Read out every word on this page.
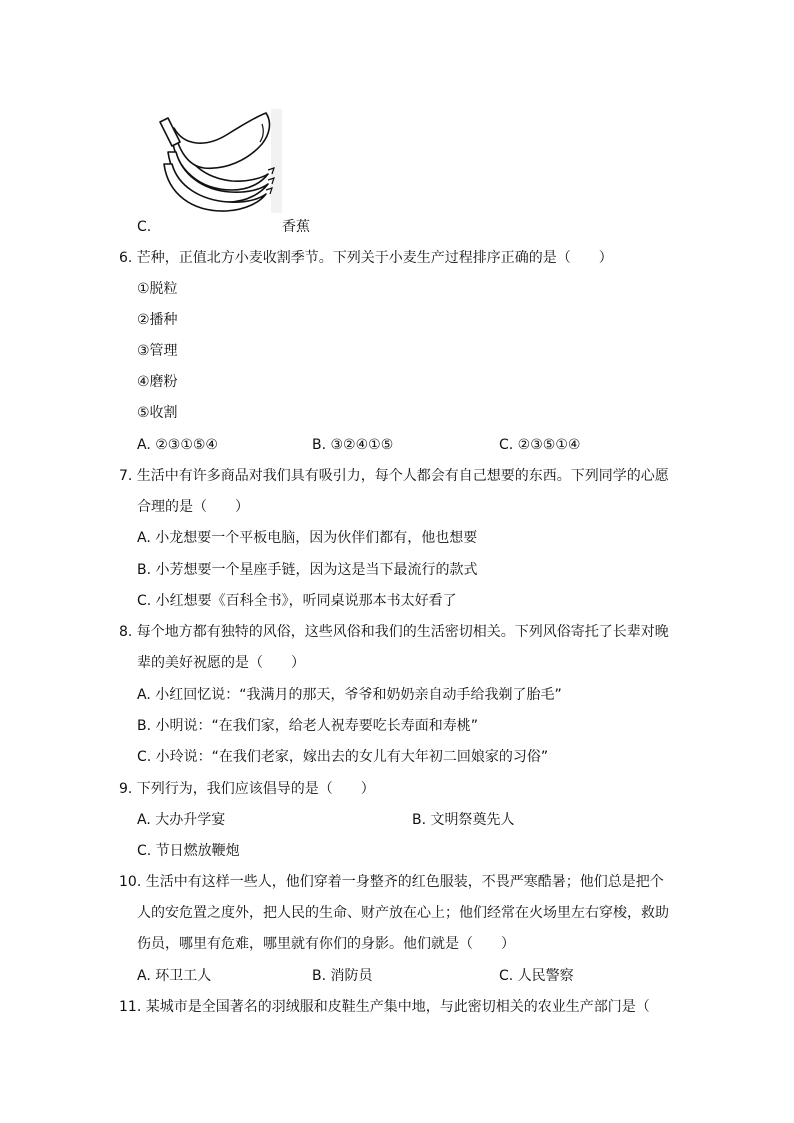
C.	香蕉
6. 芒种，正值北方小麦收割季节。下列关于小麦生产过程排序正确的是（　　）
①脱粒
②播种
③管理
④磨粉
⑤收割
A. ②③①⑤④	B. ③②④①⑤	C. ②③⑤①④
7. 生活中有许多商品对我们具有吸引力，每个人都会有自己想要的东西。下列同学的心愿
合理的是（　　）
A. 小龙想要一个平板电脑，因为伙伴们都有，他也想要
B. 小芳想要一个星座手链，因为这是当下最流行的款式
C. 小红想要《百科全书》，听同桌说那本书太好看了
8. 每个地方都有独特的风俗，这些风俗和我们的生活密切相关。下列风俗寄托了长辈对晚
辈的美好祝愿的是（　　）
A. 小红回忆说：“我满月的那天，爷爷和奶奶亲自动手给我剃了胎毛”
B. 小明说：“在我们家，给老人祝寿要吃长寿面和寿桃”
C. 小玲说：“在我们老家，嫁出去的女儿有大年初二回娘家的习俗”
9. 下列行为，我们应该倡导的是（　　）
A. 大办升学宴	B. 文明祭奠先人
C. 节日燃放鞭炮
10. 生活中有这样一些人，他们穿着一身整齐的红色服装，不畏严寒酷暑；他们总是把个
人的安危置之度外，把人民的生命、财产放在心上；他们经常在火场里左右穿梭，救助
伤员，哪里有危难，哪里就有你们的身影。他们就是（　　）
A. 环卫工人	B. 消防员	C. 人民警察
11. 某城市是全国著名的羽绒服和皮鞋生产集中地，与此密切相关的农业生产部门是（
